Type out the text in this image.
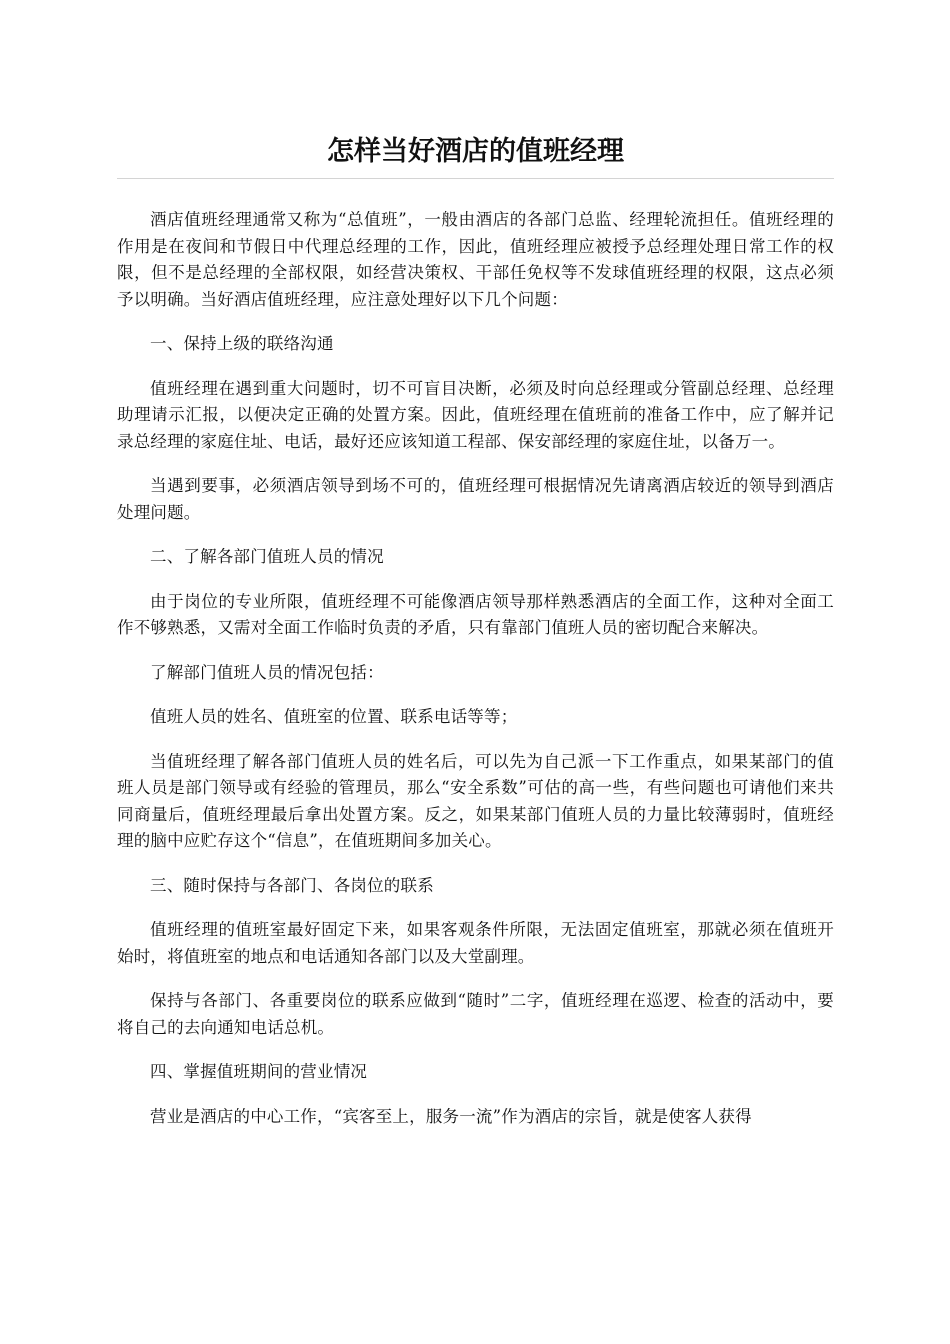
怎样当好酒店的值班经理

酒店值班经理通常又称为“总值班”，一般由酒店的各部门总监、经理轮流担任。值班经理的作用是在夜间和节假日中代理总经理的工作，因此，值班经理应被授予总经理处理日常工作的权限，但不是总经理的全部权限，如经营决策权、干部任免权等不发球值班经理的权限，这点必须予以明确。当好酒店值班经理，应注意处理好以下几个问题：

一、保持上级的联络沟通

值班经理在遇到重大问题时，切不可盲目决断，必须及时向总经理或分管副总经理、总经理助理请示汇报，以便决定正确的处置方案。因此，值班经理在值班前的准备工作中，应了解并记录总经理的家庭住址、电话，最好还应该知道工程部、保安部经理的家庭住址，以备万一。

当遇到要事，必须酒店领导到场不可的，值班经理可根据情况先请离酒店较近的领导到酒店处理问题。

二、了解各部门值班人员的情况

由于岗位的专业所限，值班经理不可能像酒店领导那样熟悉酒店的全面工作，这种对全面工作不够熟悉，又需对全面工作临时负责的矛盾，只有靠部门值班人员的密切配合来解决。

了解部门值班人员的情况包括：

值班人员的姓名、值班室的位置、联系电话等等；

当值班经理了解各部门值班人员的姓名后，可以先为自己派一下工作重点，如果某部门的值班人员是部门领导或有经验的管理员，那么“安全系数”可估的高一些，有些问题也可请他们来共同商量后，值班经理最后拿出处置方案。反之，如果某部门值班人员的力量比较薄弱时，值班经理的脑中应贮存这个“信息”，在值班期间多加关心。

三、随时保持与各部门、各岗位的联系

值班经理的值班室最好固定下来，如果客观条件所限，无法固定值班室，那就必须在值班开始时，将值班室的地点和电话通知各部门以及大堂副理。

保持与各部门、各重要岗位的联系应做到“随时”二字，值班经理在巡逻、检查的活动中，要将自己的去向通知电话总机。

四、掌握值班期间的营业情况

营业是酒店的中心工作，“宾客至上，服务一流”作为酒店的宗旨，就是使客人获得
